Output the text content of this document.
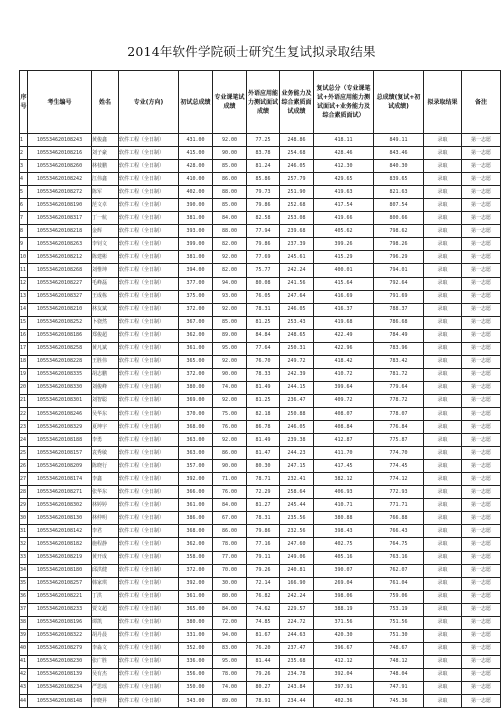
2014年软件学院硕士研究生复试拟录取结果
序号	考生编号	姓名	专业(方向)	初试总成绩	专业课笔试成绩	外语应用能力测试面试成绩	业务能力及综合素质面试成绩	复试总分（专业课笔试+外语应用能力测试面试+业务能力及综合素质面试）	总成绩(复试+初试成绩)	拟录取结果	备注
1	105534620108243	黄俊鑫	软件工程（全日制）	431.00	92.00	77.25	248.86	418.11	849.11	录取	第一志愿
2	105534620108216	刘子豪	软件工程（全日制）	415.00	90.00	83.78	254.68	428.46	843.46	录取	第一志愿
3	105534620108260	林枝鹏	软件工程（全日制）	428.00	85.00	81.24	246.05	412.30	840.30	录取	第一志愿
4	105534620108242	江伟鑫	软件工程（全日制）	410.00	86.00	85.86	257.79	429.65	839.65	录取	第一志愿
5	105534620108272	陈军	软件工程（全日制）	402.00	88.00	79.73	251.90	419.63	821.63	录取	第一志愿
6	105534620108190	范文卓	软件工程（全日制）	390.00	85.00	79.86	252.68	417.54	807.54	录取	第一志愿
7	105534620108317	丁一航	软件工程（全日制）	381.00	84.00	82.58	253.08	419.66	800.66	录取	第一志愿
8	105534620108218	金辉	软件工程（全日制）	393.00	88.00	77.94	239.68	405.62	798.62	录取	第一志愿
9	105534620108263	李钊文	软件工程（全日制）	399.00	82.00	79.86	237.39	399.26	798.26	录取	第一志愿
10	105534620108212	陈建彬	软件工程（全日制）	381.00	92.00	77.69	245.61	415.29	796.29	录取	第一志愿
11	105534620108268	刘惟坤	软件工程（全日制）	394.00	82.00	75.77	242.24	400.01	794.01	录取	第一志愿
12	105534620108227	毛峰磊	软件工程（全日制）	377.00	94.00	80.08	241.56	415.64	792.64	录取	第一志愿
13	105534620108327	王成栋	软件工程（全日制）	375.00	93.00	76.05	247.64	416.69	791.69	录取	第一志愿
14	105534620108210	林友斌	软件工程（全日制）	372.00	92.00	78.31	246.05	416.37	788.37	录取	第一志愿
15	105534620108252	卜骁然	软件工程（全日制）	367.00	85.00	81.25	253.43	419.68	786.68	录取	第一志愿
16	105534620108186	郑俊超	软件工程（全日制）	362.00	89.00	84.84	248.65	422.49	784.49	录取	第一志愿
17	105534620108258	黄凡斌	软件工程（全日制）	361.00	95.00	77.64	250.31	422.96	783.96	录取	第一志愿
18	105534620108228	王胜伟	软件工程（全日制）	365.00	92.00	76.70	249.72	418.42	783.42	录取	第一志愿
19	105534620108335	胡志鹏	软件工程（全日制）	372.00	90.00	78.33	242.39	410.72	781.72	录取	第一志愿
20	105534620108330	刘俊峰	软件工程（全日制）	380.00	74.00	81.49	244.15	399.64	779.64	录取	第一志愿
21	105534620108301	刘智聪	软件工程（全日制）	369.00	92.00	81.25	236.47	409.72	778.72	录取	第一志愿
22	105534620108246	吴华东	软件工程（全日制）	370.00	75.00	82.18	250.88	408.07	778.07	录取	第一志愿
23	105534620108329	夏坤宇	软件工程（全日制）	368.00	76.00	86.78	246.05	408.84	776.84	录取	第一志愿
24	105534620108188	李勇	软件工程（全日制）	363.00	92.00	81.49	239.38	412.87	775.87	录取	第一志愿
25	105534620108157	袁秀敏	软件工程（全日制）	363.00	86.00	81.47	244.23	411.70	774.70	录取	第一志愿
26	105534620108209	陈晓行	软件工程（全日制）	357.00	90.00	80.30	247.15	417.45	774.45	录取	第一志愿
27	105534620108174	李鑫	软件工程（全日制）	392.00	71.00	78.71	232.41	382.12	774.12	录取	第一志愿
28	105534620108271	张华东	软件工程（全日制）	366.00	76.00	72.29	258.64	406.93	772.93	录取	第一志愿
29	105534620108302	林婷婷	软件工程（全日制）	361.00	84.00	81.27	245.44	410.71	771.71	录取	第一志愿
30	105534620108130	林仲明	软件工程（全日制）	386.00	67.00	78.31	235.56	380.88	766.88	录取	第一志愿
31	105534620108142	李君	软件工程（全日制）	368.00	86.00	79.86	232.56	398.43	766.43	录取	第一志愿
32	105534620108182	施程静	软件工程（全日制）	362.00	78.00	77.16	247.60	402.75	764.75	录取	第一志愿
33	105534620108219	黄开成	软件工程（全日制）	358.00	77.00	79.11	249.06	405.16	763.16	录取	第一志愿
34	105534620108180	邱洪健	软件工程（全日制）	372.00	70.00	79.26	240.81	390.07	762.07	录取	第一志愿
35	105534620108257	韩家琪	软件工程（全日制）	392.00	30.00	72.14	166.90	269.04	761.04	录取	第一志愿
36	105534620108221	丁洪	软件工程（全日制）	361.00	80.00	76.82	242.24	398.06	759.06	录取	第一志愿
37	105534620108233	贾文超	软件工程（全日制）	365.00	84.00	74.62	229.57	388.19	753.19	录取	第一志愿
38	105534620108196	谭凯	软件工程（全日制）	380.00	72.00	74.85	224.72	371.56	751.56	录取	第一志愿
39	105534620108322	胡丹晨	软件工程（全日制）	331.00	94.00	81.67	244.63	420.30	751.30	录取	第一志愿
40	105534620108279	李淼文	软件工程（全日制）	352.00	83.00	76.20	237.47	396.67	748.67	录取	第一志愿
41	105534620108230	张广胜	软件工程（全日制）	336.00	95.00	81.44	235.68	412.12	748.12	录取	第一志愿
42	105534620108139	吴有杰	软件工程（全日制）	356.00	78.00	79.26	234.78	392.04	748.04	录取	第一志愿
43	105534620108234	严思瑶	软件工程（全日制）	350.00	74.00	80.27	243.84	397.91	747.91	录取	第一志愿
44	105534620108148	李晓昇	软件工程（全日制）	343.00	89.00	78.91	234.44	402.36	745.36	录取	第一志愿
